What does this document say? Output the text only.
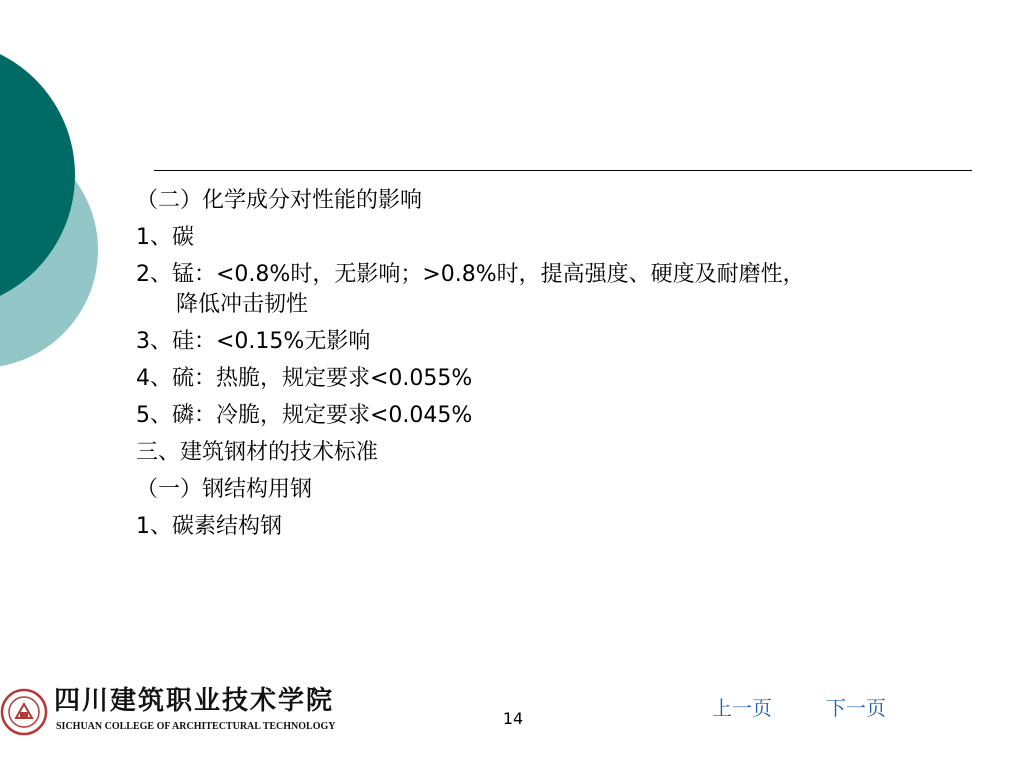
（二）化学成分对性能的影响
1、碳
2、锰：<0.8%时，无影响；>0.8%时，提高强度、硬度及耐磨性，
降低冲击韧性
3、硅：<0.15%无影响
4、硫：热脆，规定要求<0.055%
5、磷：冷脆，规定要求<0.045%
三、建筑钢材的技术标准
（一）钢结构用钢
1、碳素结构钢
四川建筑职业技术学院
SICHUAN COLLEGE OF ARCHITECTURAL TECHNOLOGY	14	上一页	下一页
